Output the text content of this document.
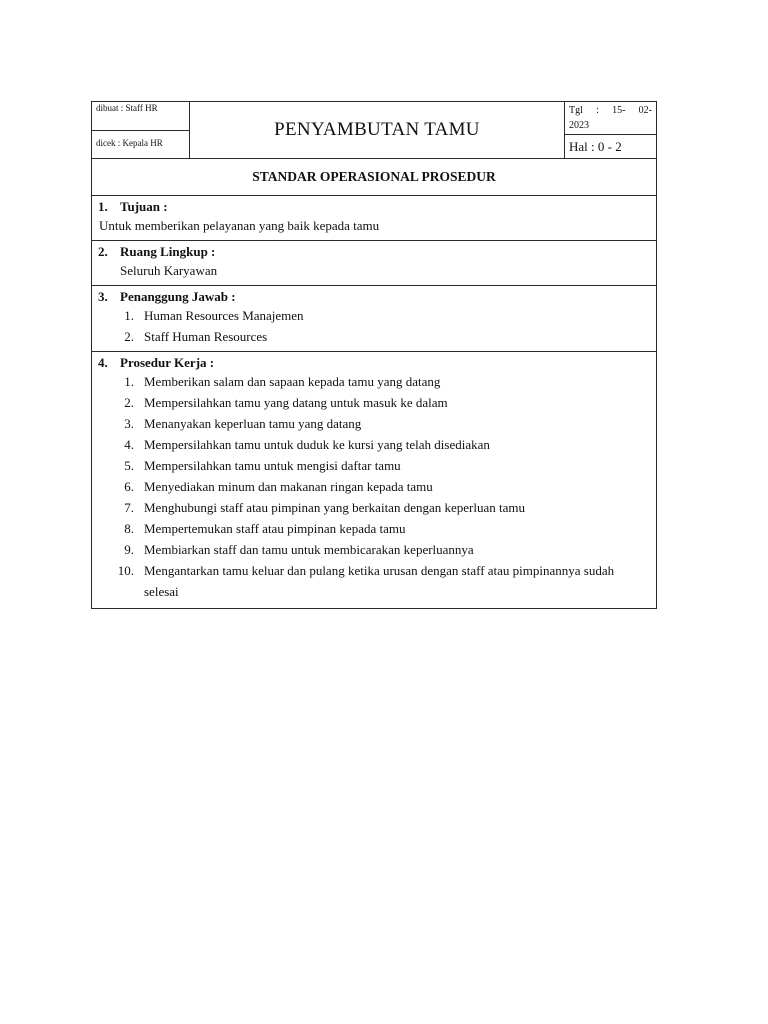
dibuat : Staff HR
dicek : Kepala HR
PENYAMBUTAN TAMU
Tgl : 15- 02-
2023
Hal : 0 - 2
STANDAR OPERASIONAL PROSEDUR
1. Tujuan :
Untuk memberikan pelayanan yang baik kepada tamu
2. Ruang Lingkup :
Seluruh Karyawan
3. Penanggung Jawab :
1. Human Resources Manajemen
2. Staff Human Resources
4. Prosedur Kerja :
1. Memberikan salam dan sapaan kepada tamu yang datang
2. Mempersilahkan tamu yang datang untuk masuk ke dalam
3. Menanyakan keperluan tamu yang datang
4. Mempersilahkan tamu untuk duduk ke kursi yang telah disediakan
5. Mempersilahkan tamu untuk mengisi daftar tamu
6. Menyediakan minum dan makanan ringan kepada tamu
7. Menghubungi staff atau pimpinan yang berkaitan dengan keperluan tamu
8. Mempertemukan staff atau pimpinan kepada tamu
9. Membiarkan staff dan tamu untuk membicarakan keperluannya
10. Mengantarkan tamu keluar dan pulang ketika urusan dengan staff atau pimpinannya sudah selesai
